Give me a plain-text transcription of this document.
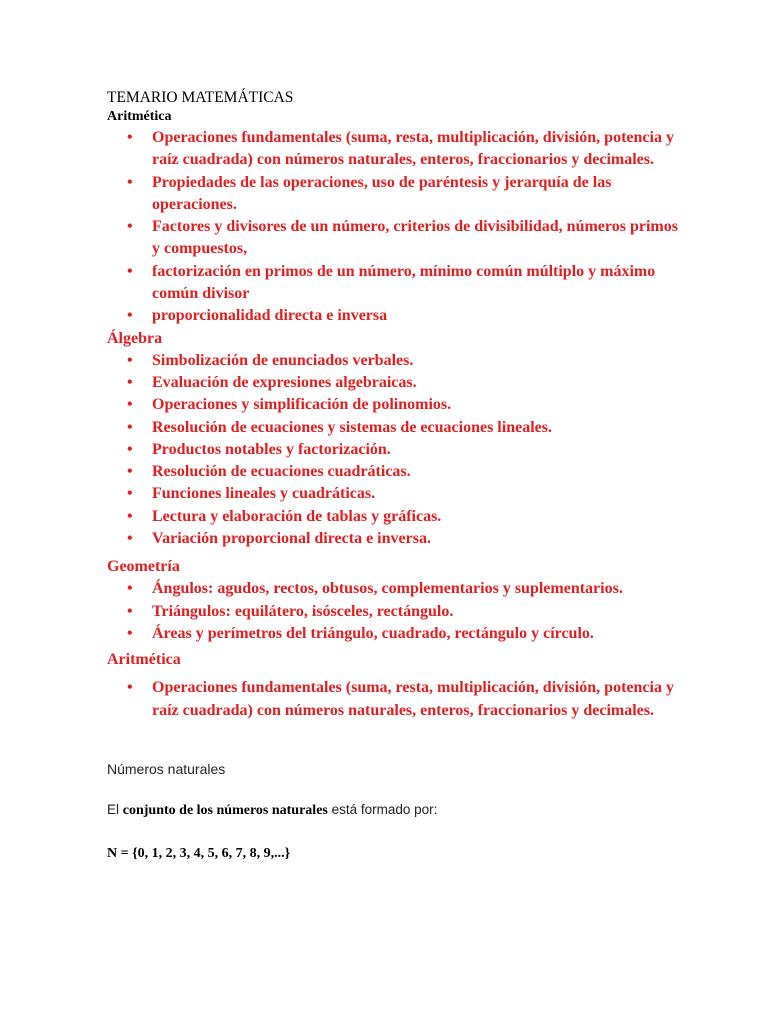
TEMARIO MATEMÁTICAS

Aritmética

• Operaciones fundamentales (suma, resta, multiplicación, división, potencia y raíz cuadrada) con números naturales, enteros, fraccionarios y decimales.
• Propiedades de las operaciones, uso de paréntesis y jerarquía de las operaciones.
• Factores y divisores de un número, criterios de divisibilidad, números primos y compuestos,
• factorización en primos de un número, mínimo común múltiplo y máximo común divisor
• proporcionalidad directa e inversa

Álgebra

• Simbolización de enunciados verbales.
• Evaluación de expresiones algebraicas.
• Operaciones y simplificación de polinomios.
• Resolución de ecuaciones y sistemas de ecuaciones lineales.
• Productos notables y factorización.
• Resolución de ecuaciones cuadráticas.
• Funciones lineales y cuadráticas.
• Lectura y elaboración de tablas y gráficas.
• Variación proporcional directa e inversa.

Geometría

• Ángulos: agudos, rectos, obtusos, complementarios y suplementarios.
• Triángulos: equilátero, isósceles, rectángulo.
• Áreas y perímetros del triángulo, cuadrado, rectángulo y círculo.

Aritmética

• Operaciones fundamentales (suma, resta, multiplicación, división, potencia y raíz cuadrada) con números naturales, enteros, fraccionarios y decimales.

Números naturales

El conjunto de los números naturales está formado por:

N = {0, 1, 2, 3, 4, 5, 6, 7, 8, 9,...}
